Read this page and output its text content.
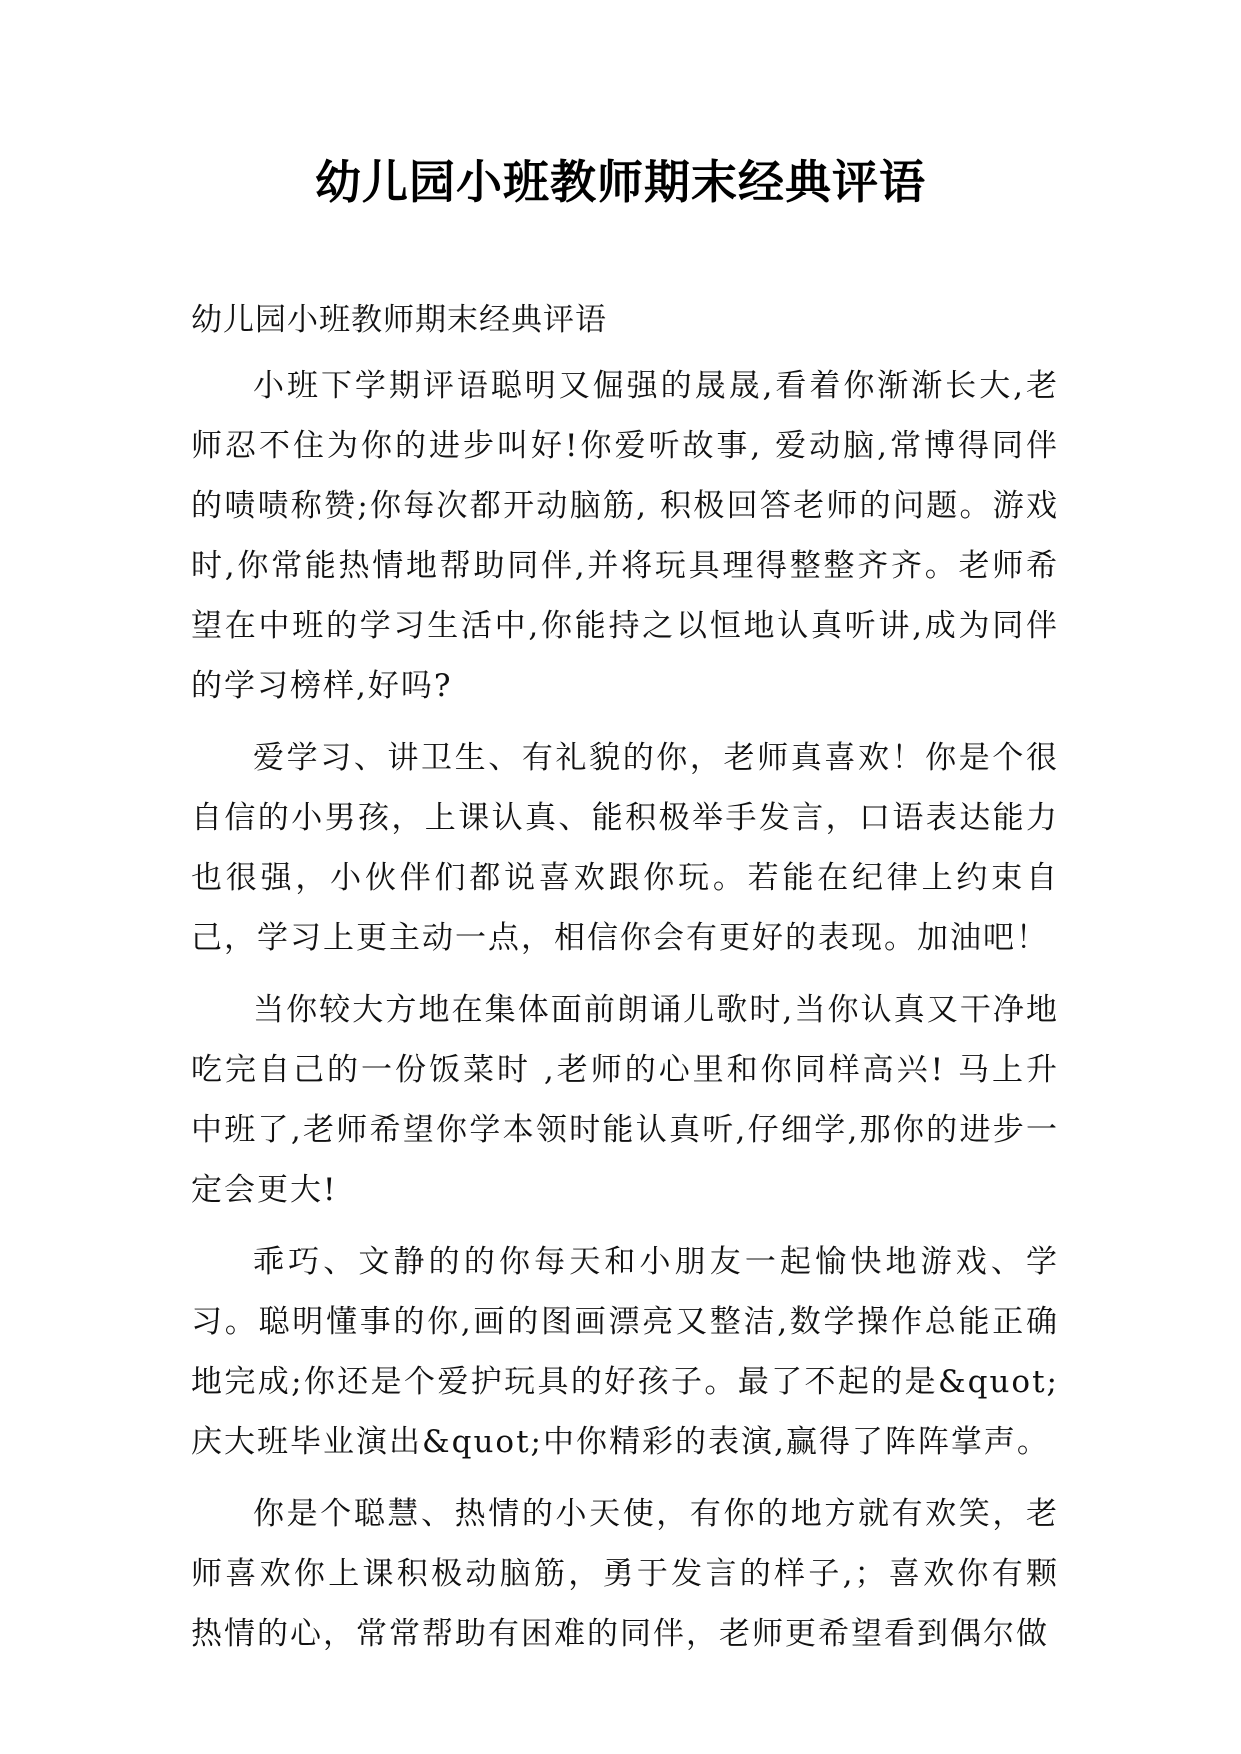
幼儿园小班教师期末经典评语

幼儿园小班教师期末经典评语

小班下学期评语聪明又倔强的晟晟,看着你渐渐长大,老师忍不住为你的进步叫好!你爱听故事, 爱动脑,常博得同伴的啧啧称赞;你每次都开动脑筋, 积极回答老师的问题。游戏时,你常能热情地帮助同伴,并将玩具理得整整齐齐。老师希望在中班的学习生活中,你能持之以恒地认真听讲,成为同伴的学习榜样,好吗?

爱学习、讲卫生、有礼貌的你，老师真喜欢！你是个很自信的小男孩，上课认真、能积极举手发言，口语表达能力也很强，小伙伴们都说喜欢跟你玩。若能在纪律上约束自己，学习上更主动一点，相信你会有更好的表现。加油吧！

当你较大方地在集体面前朗诵儿歌时,当你认真又干净地吃完自己的一份饭菜时 ,老师的心里和你同样高兴! 马上升中班了,老师希望你学本领时能认真听,仔细学,那你的进步一定会更大!

乖巧、文静的的你每天和小朋友一起愉快地游戏、学习。聪明懂事的你,画的图画漂亮又整洁,数学操作总能正确地完成;你还是个爱护玩具的好孩子。最了不起的是&quot;庆大班毕业演出&quot;中你精彩的表演,赢得了阵阵掌声。

你是个聪慧、热情的小天使，有你的地方就有欢笑，老师喜欢你上课积极动脑筋，勇于发言的样子,；喜欢你有颗热情的心，常常帮助有困难的同伴，老师更希望看到偶尔做
